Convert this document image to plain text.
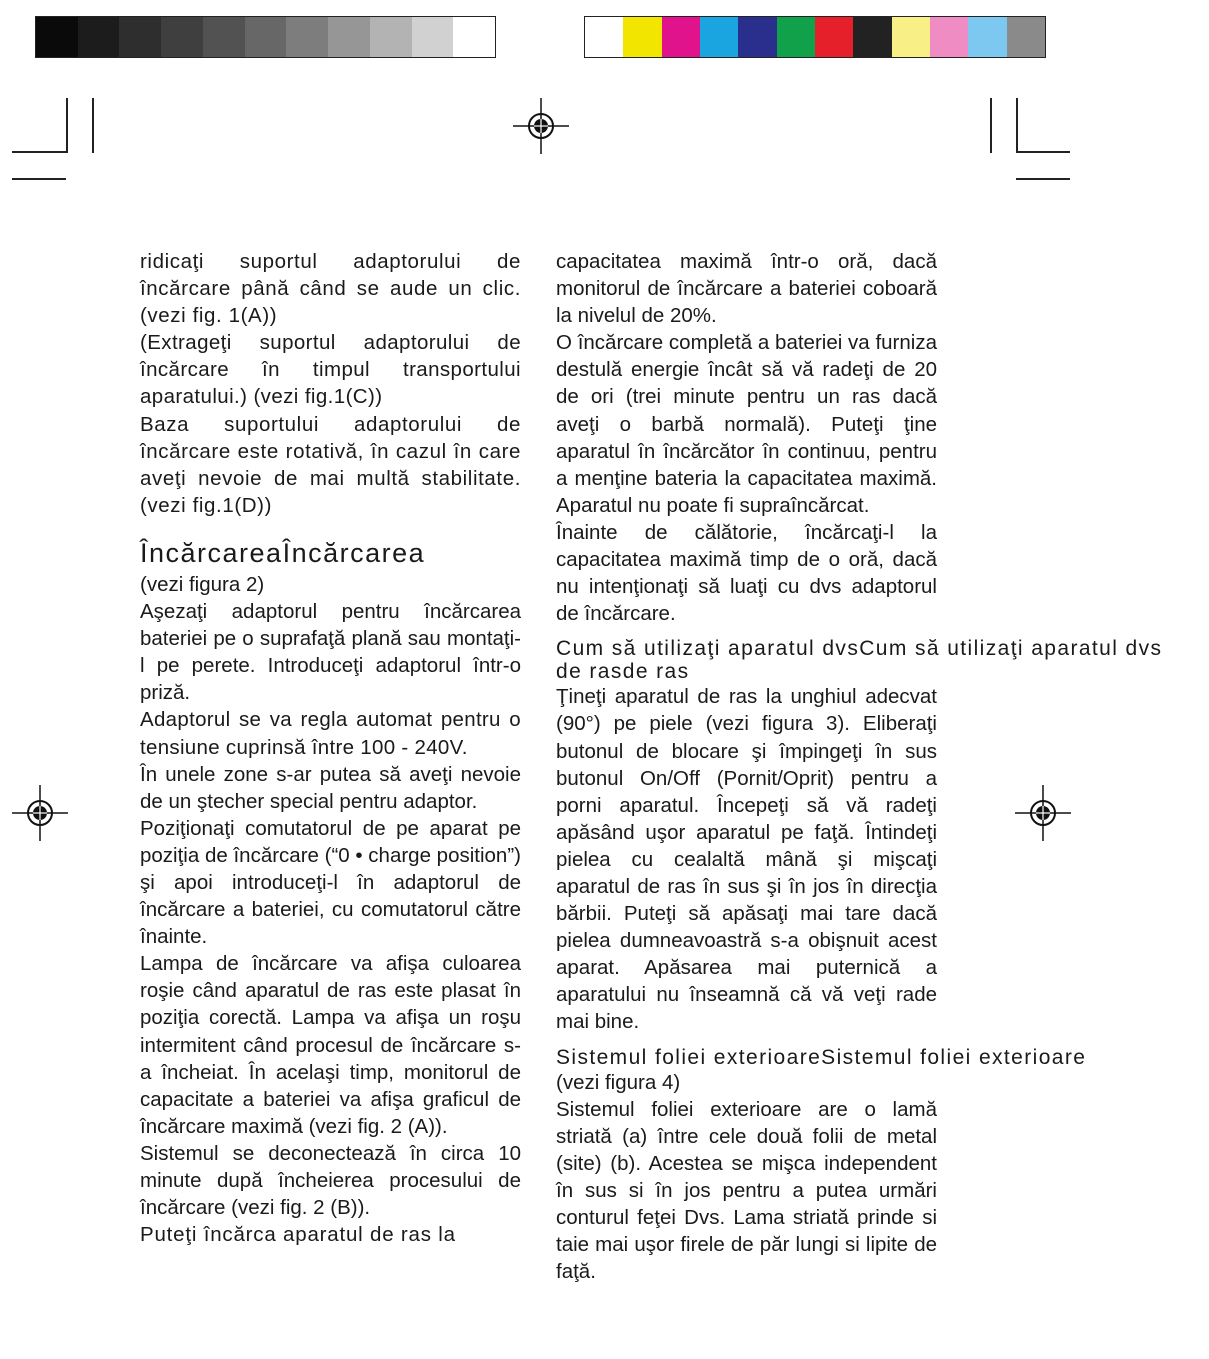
ridicaţi suportul adaptorului de încărcare până când se aude un clic. (vezi fig. 1(A))

(Extrageţi suportul adaptorului de încărcare în timpul transportului aparatului.) (vezi fig.1(C))

Baza suportului adaptorului de încărcare este rotativă, în cazul în care aveţi nevoie de mai multă stabilitate. (vezi fig.1(D))

ÎncărcareaÎncărcarea

(vezi figura 2)

Aşezaţi adaptorul pentru încărcarea bateriei pe o suprafaţă plană sau montaţi-l pe perete. Introduceţi adaptorul într-o priză.

Adaptorul se va regla automat pentru o tensiune cuprinsă între 100 - 240V.

În unele zone s-ar putea să aveţi nevoie de un ştecher special pentru adaptor.

Poziţionaţi comutatorul de pe aparat pe poziţia de încărcare (“0 • charge position”) şi apoi introduceţi-l în adaptorul de încărcare a bateriei, cu comutatorul către înainte.

Lampa de încărcare va afişa culoarea roşie când aparatul de ras este plasat în poziţia corectă. Lampa va afişa un roşu intermitent când procesul de încărcare s-a încheiat. În acelaşi timp, monitorul de capacitate a bateriei va afişa graficul de încărcare maximă (vezi fig. 2 (A)).

Sistemul se deconectează în circa 10 minute după încheierea procesului de încărcare (vezi fig. 2 (B)).

Puteţi încărca aparatul de ras la

capacitatea maximă într-o oră, dacă monitorul de încărcare a bateriei coboară la nivelul de 20%.

O încărcare completă a bateriei va furniza destulă energie încât să vă radeţi de 20 de ori (trei minute pentru un ras dacă aveţi o barbă normală). Puteţi ţine aparatul în încărcător în continuu, pentru a menţine bateria la capacitatea maximă. Aparatul nu poate fi supraîncărcat.

Înainte de călătorie, încărcaţi-l la capacitatea maximă timp de o oră, dacă nu intenţionaţi să luaţi cu dvs adaptorul de încărcare.

Cum să utilizaţi aparatul dvsCum să utilizaţi aparatul dvs
de rasde ras

Ţineţi aparatul de ras la unghiul adecvat (90°) pe piele (vezi figura 3). Eliberaţi butonul de blocare şi împingeţi în sus butonul On/Off (Pornit/Oprit) pentru a porni aparatul. Începeţi să vă radeţi apăsând uşor aparatul pe faţă. Întindeţi pielea cu cealaltă mână şi mişcaţi aparatul de ras în sus şi în jos în direcţia bărbii. Puteţi să apăsaţi mai tare dacă pielea dumneavoastră s-a obişnuit acest aparat. Apăsarea mai puternică a aparatului nu înseamnă că vă veţi rade mai bine.

Sistemul foliei exterioareSistemul foliei exterioare

(vezi figura 4)

Sistemul foliei exterioare are o lamă striată (a) între cele două folii de metal (site) (b). Acestea se mişca independent în sus si în jos pentru a putea urmări conturul feţei Dvs. Lama striată prinde si taie mai uşor firele de păr lungi si lipite de faţă.
